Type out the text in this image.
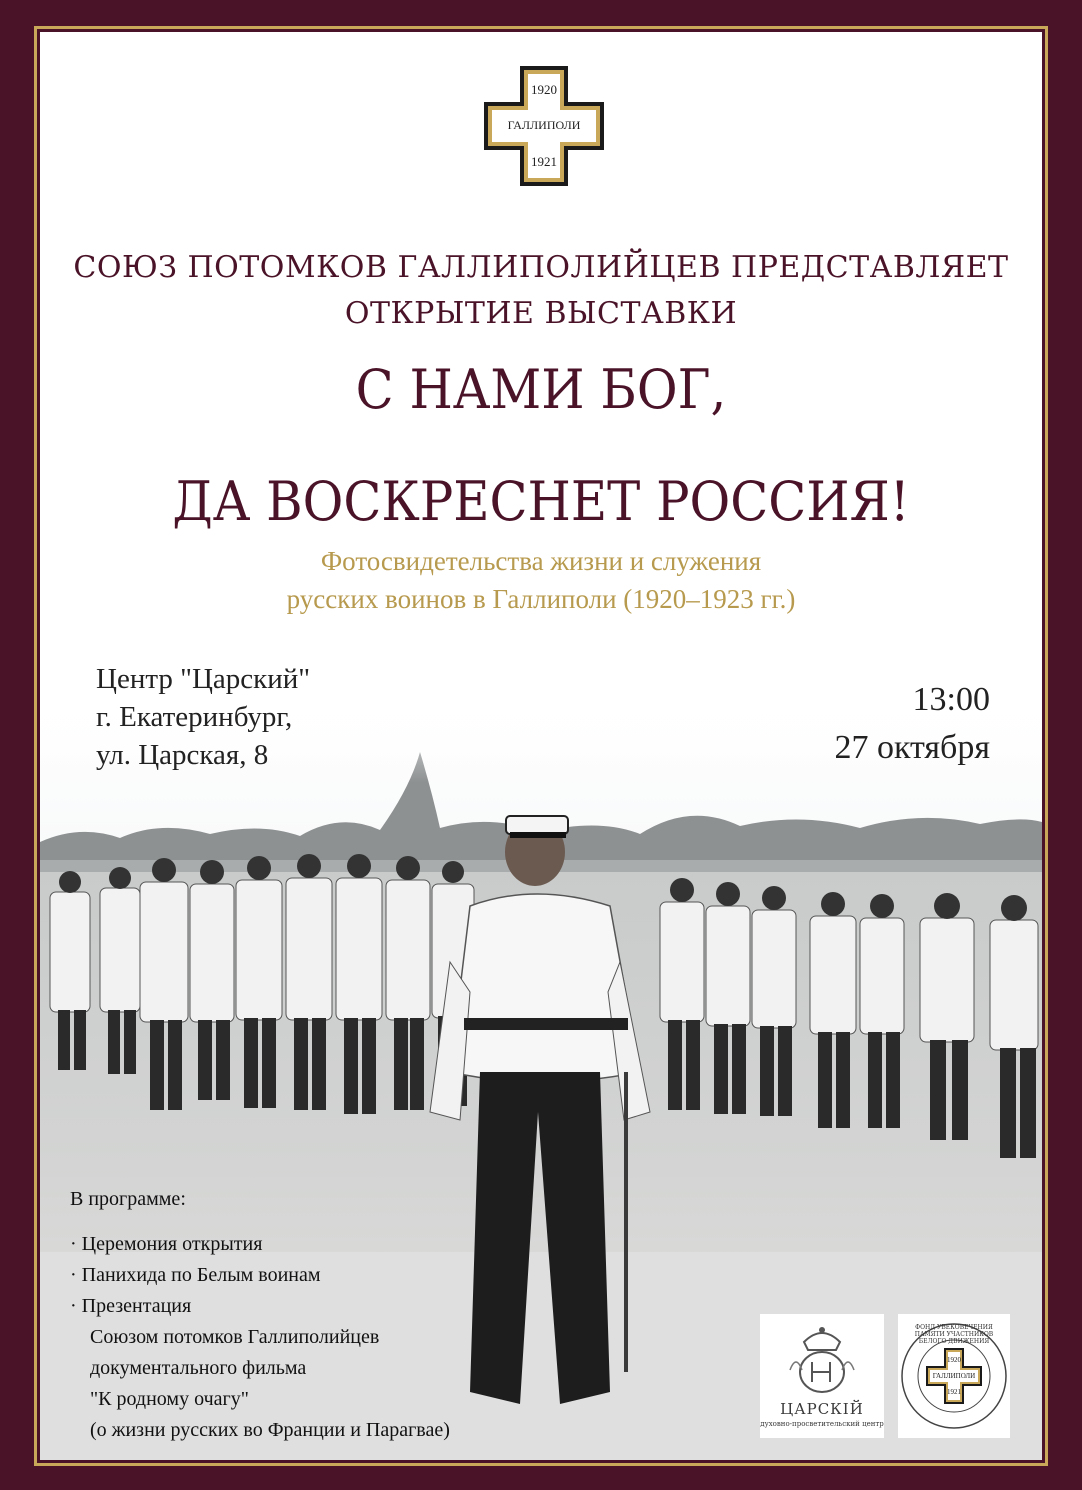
1920
ГАЛЛИПОЛИ
1921
СОЮЗ ПОТОМКОВ ГАЛЛИПОЛИЙЦЕВ ПРЕДСТАВЛЯЕТ
ОТКРЫТИЕ ВЫСТАВКИ
С НАМИ БОГ,
ДА ВОСКРЕСНЕТ РОССИЯ!
Фотосвидетельства жизни и служения
русских воинов в Галлиполи (1920–1923 гг.)
Центр "Царский"
г. Екатеринбург,
ул. Царская, 8
13:00
27 октября
В программе:
· Церемония открытия
· Панихида по Белым воинам
· Презентация
Союзом потомков Галлиполийцев
документального фильма
"К родному очагу"
(о жизни русских во Франции и Парагвае)
ЦАРСКIЙ
духовно-просветительский центр
ФОНД УВЕКОВЕЧЕНИЯ ПАМЯТИ УЧАСТНИКОВ БЕЛОГО ДВИЖЕНИЯ
1920
ГАЛЛИПОЛИ
1921
